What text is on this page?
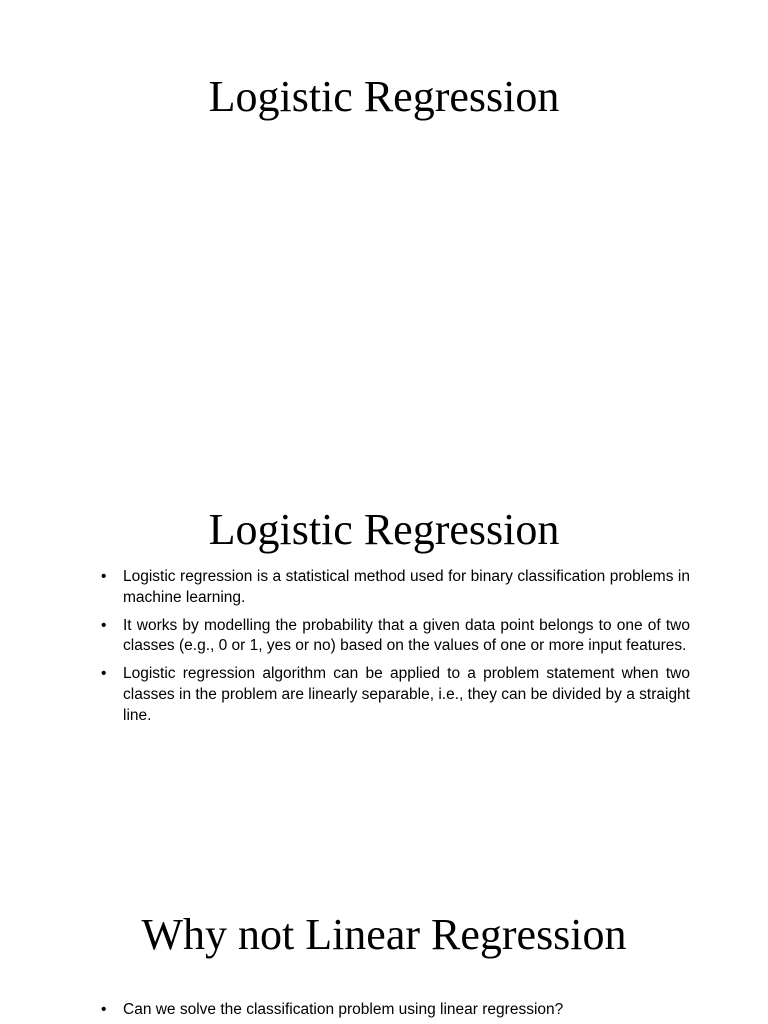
Logistic Regression
Logistic Regression
• Logistic regression is a statistical method used for binary classification problems in machine learning.
• It works by modelling the probability that a given data point belongs to one of two classes (e.g., 0 or 1, yes or no) based on the values of one or more input features.
• Logistic regression algorithm can be applied to a problem statement when two classes in the problem are linearly separable, i.e., they can be divided by a straight line.
Why not Linear Regression
• Can we solve the classification problem using linear regression?
